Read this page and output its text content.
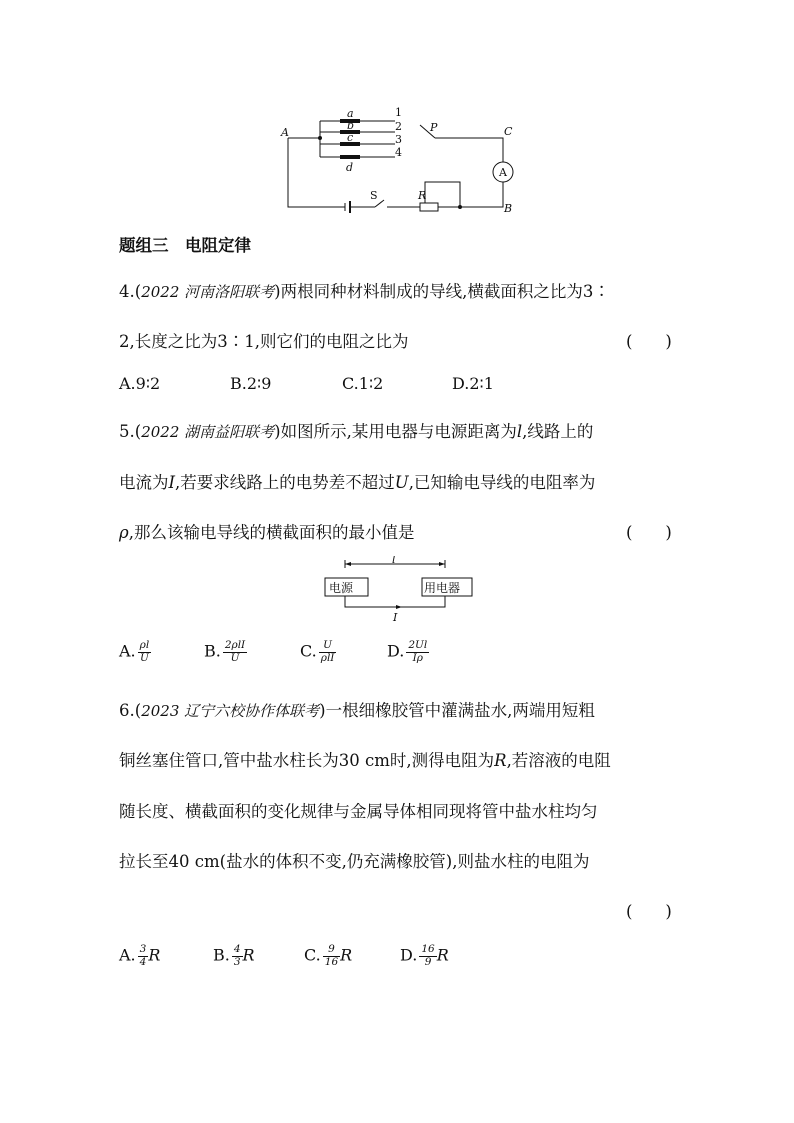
A	P	C
B
R
a
b
c
d
S
A
1
2
3
4
题组三　电阻定律
4.(2022 河南洛阳联考)两根同种材料制成的导线,横截面积之比为3∶
2,长度之比为3∶1,则它们的电阻之比为	(　　)
A.9∶2	B.2∶9	C.1∶2	D.2∶1
5.(2022 湖南益阳联考)如图所示,某用电器与电源距离为l,线路上的
电流为I,若要求线路上的电势差不超过U,已知输电导线的电阻率为
ρ,那么该输电导线的横截面积的最小值是	(　　)
l
电源	用电器
I
A. $\frac{\rho l}{U}$	B. $\frac{\text{2ρlI}}{U}$	C. $\frac{U}{\text{ρlI}}$	D. $\frac{2Ul}{I\rho}$
6.(2023 辽宁六校协作体联考)一根细橡胶管中灌满盐水,两端用短粗
铜丝塞住管口,管中盐水柱长为30 cm时,测得电阻为R,若溶液的电阻
随长度、横截面积的变化规律与金属导体相同现将管中盐水柱均匀
拉长至40 cm(盐水的体积不变,仍充满橡胶管),则盐水柱的电阻为
(　　)
A. $\frac{3}{4}$ R	B. $\frac{4}{3}$ R	C. $\frac{9}{16}$ R	D. $\frac{16}{9}$ R
